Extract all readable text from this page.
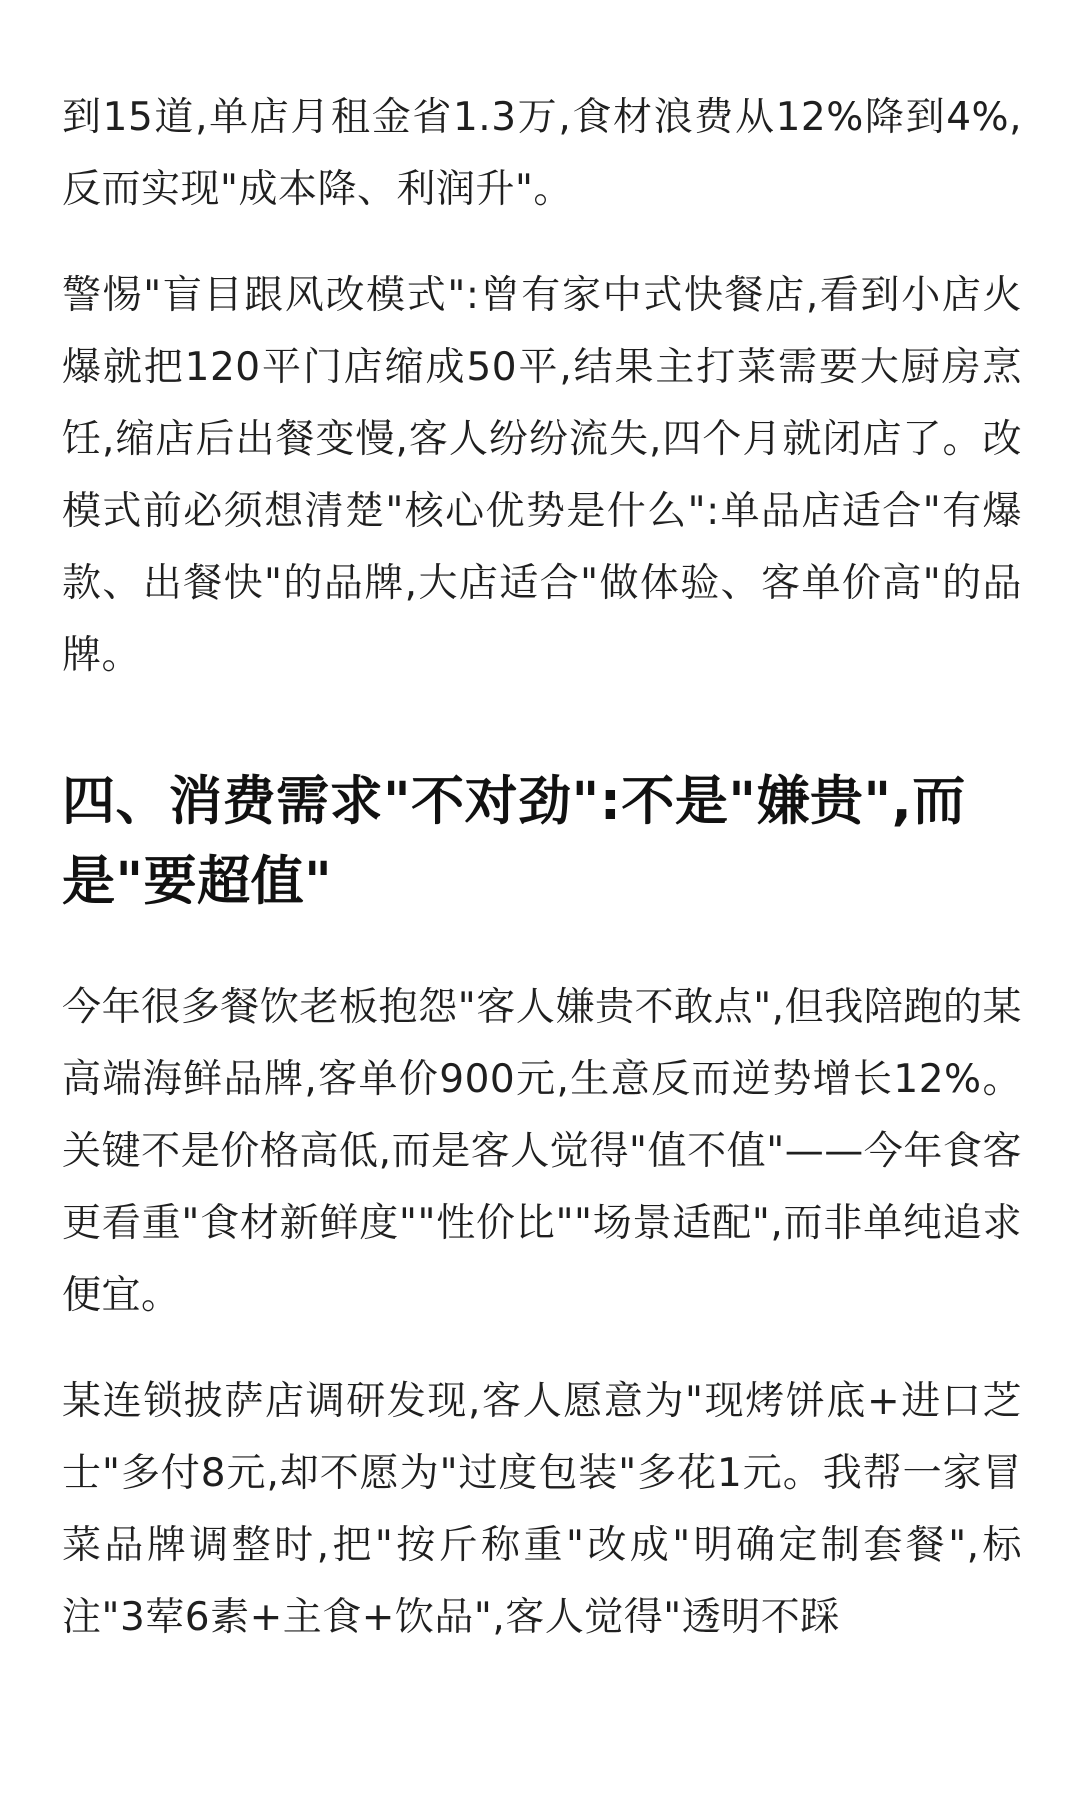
到15道,单店月租金省1.3万,食材浪费从12%降到4%,反而实现"成本降、利润升"。

警惕"盲目跟风改模式":曾有家中式快餐店,看到小店火爆就把120平门店缩成50平,结果主打菜需要大厨房烹饪,缩店后出餐变慢,客人纷纷流失,四个月就闭店了。改模式前必须想清楚"核心优势是什么":单品店适合"有爆款、出餐快"的品牌,大店适合"做体验、客单价高"的品牌。

四、消费需求"不对劲":不是"嫌贵",而是"要超值"

今年很多餐饮老板抱怨"客人嫌贵不敢点",但我陪跑的某高端海鲜品牌,客单价900元,生意反而逆势增长12%。关键不是价格高低,而是客人觉得"值不值"——今年食客更看重"食材新鲜度""性价比""场景适配",而非单纯追求便宜。

某连锁披萨店调研发现,客人愿意为"现烤饼底+进口芝士"多付8元,却不愿为"过度包装"多花1元。我帮一家冒菜品牌调整时,把"按斤称重"改成"明确定制套餐",标注"3荤6素+主食+饮品",客人觉得"透明不踩
